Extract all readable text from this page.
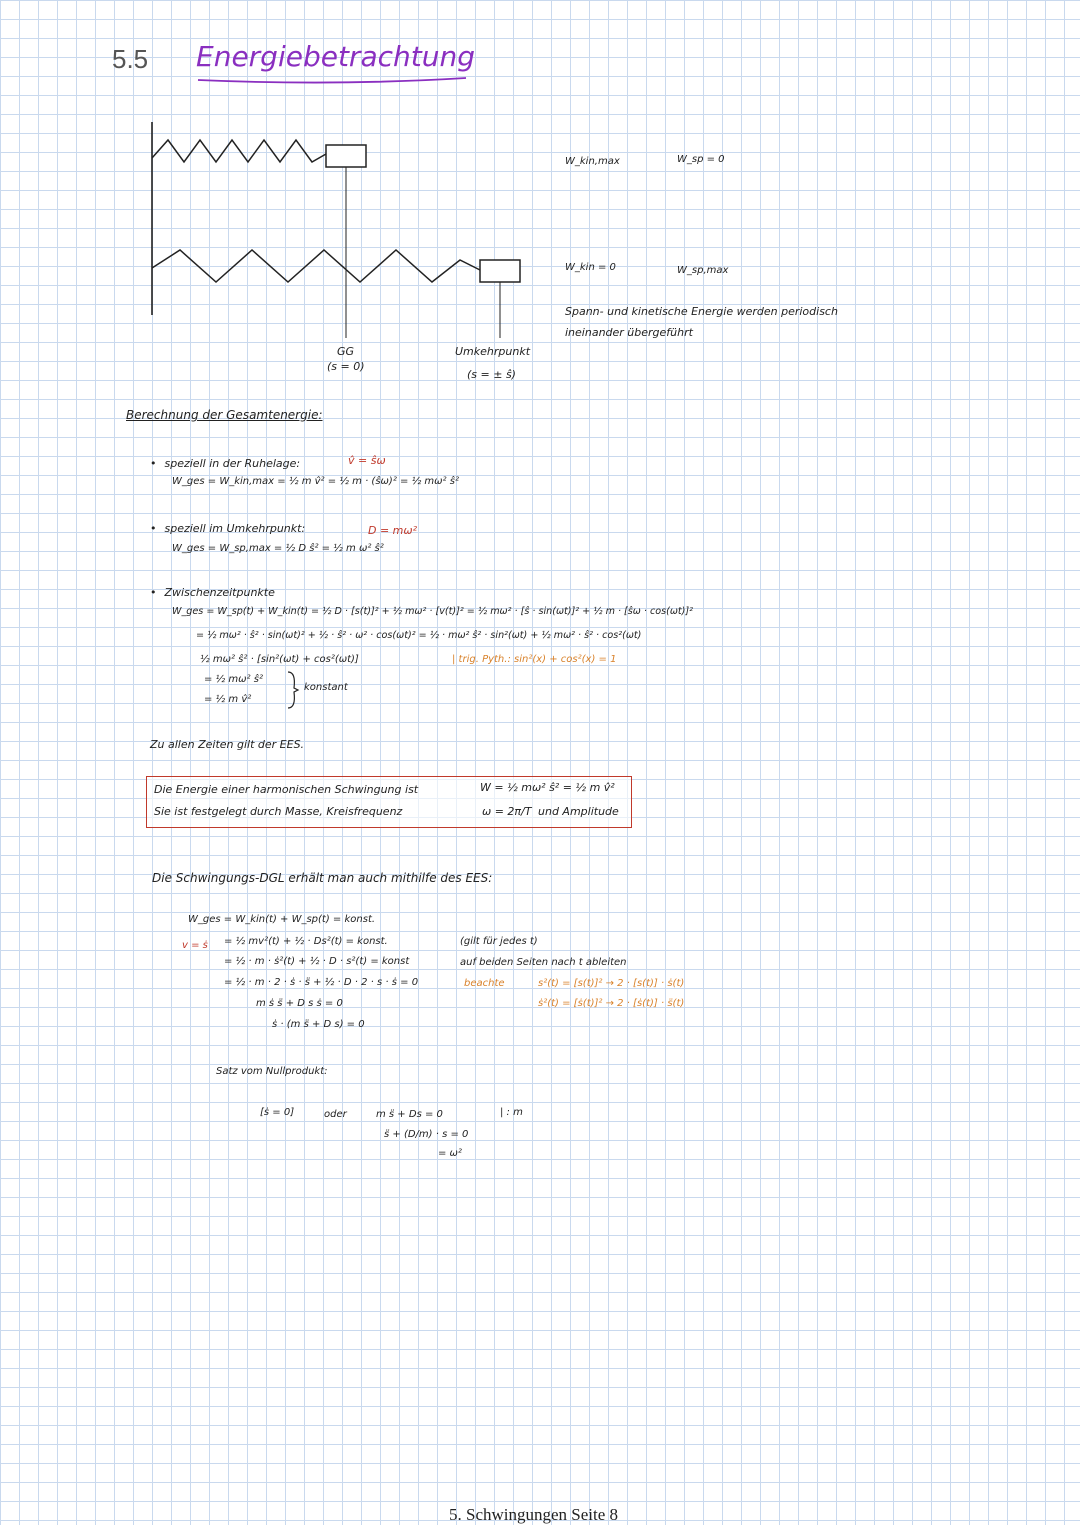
5.5 Energiebetrachtung
GG
(s = 0)
Umkehrpunkt
(s = ± ŝ)
W_kin,max	W_sp = 0
W_kin = 0	W_sp,max
Spann- und kinetische Energie werden periodisch
ineinander übergeführt
Berechnung der Gesamtenergie:
v̂ = ŝω
• speziell in der Ruhelage:
W_ges = W_kin,max = ½ m v̂² = ½ m · (ŝω)² = ½ mω² ŝ²
D = mω²
• speziell im Umkehrpunkt:
W_ges = W_sp,max = ½ D ŝ² = ½ m ω² ŝ²
• Zwischenzeitpunkte
W_ges = W_sp(t) + W_kin(t) = ½ D · [s(t)]² + ½ mω² · [v(t)]² = ½ mω² · [ŝ · sin(ωt)]² + ½ m · [ŝω · cos(ωt)]²
= ½ mω² · ŝ² · sin(ωt)² + ½ · ŝ² · ω² · cos(ωt)² = ½ · mω² ŝ² · sin²(ωt) + ½ mω² · ŝ² · cos²(ωt)
½ mω² ŝ² · [sin²(ωt) + cos²(ωt)]	| trig. Pyth.: sin²(x) + cos²(x) = 1
= ½ mω² ŝ²
= ½ m v̂²
konstant
Zu allen Zeiten gilt der EES.
Die Energie einer harmonischen Schwingung ist	W = ½ mω² ŝ² = ½ m v̂²
Sie ist festgelegt durch Masse, Kreisfrequenz	ω = 2π/T und Amplitude
Die Schwingungs-DGL erhält man auch mithilfe des EES:
W_ges = W_kin(t) + W_sp(t) = konst.
v = ṡ = ½ mv²(t) + ½ · Ds²(t) = konst.
= ½ · m · ṡ²(t) + ½ · D · s²(t) = konst
= ½ · m · 2 · ṡ · s̈ + ½ · D · 2 · s · ṡ = 0
m ṡ s̈ + D s ṡ = 0
ṡ · (m s̈ + D s) = 0
(gilt für jedes t)
auf beiden Seiten nach t ableiten
beachte	s²(t) = [s(t)]² → 2 · [s(t)] · ṡ(t)
ṡ²(t) = [ṡ(t)]² → 2 · [ṡ(t)] · s̈(t)
Satz vom Nullprodukt:
[ṡ = 0]	oder	m s̈ + Ds = 0	| : m
s̈ + (D/m) · s = 0
= ω²
5. Schwingungen Seite 8
